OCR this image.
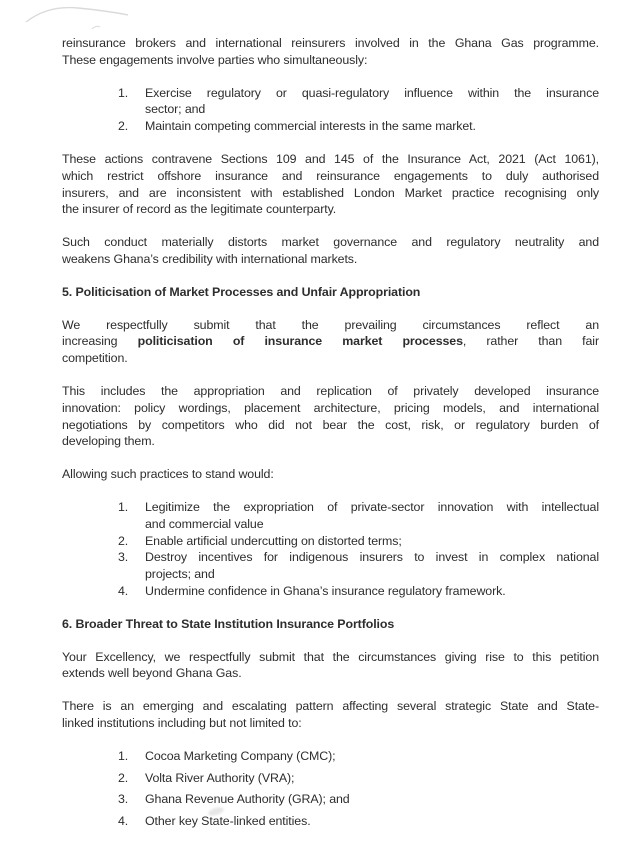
reinsurance brokers and international reinsurers involved in the Ghana Gas programme.
These engagements involve parties who simultaneously:
1.	Exercise regulatory or quasi-regulatory influence within the insurance
sector; and
2.	Maintain competing commercial interests in the same market.
These actions contravene Sections 109 and 145 of the Insurance Act, 2021 (Act 1061),
which restrict offshore insurance and reinsurance engagements to duly authorised
insurers, and are inconsistent with established London Market practice recognising only
the insurer of record as the legitimate counterparty.
Such conduct materially distorts market governance and regulatory neutrality and
weakens Ghana’s credibility with international markets.
5. Politicisation of Market Processes and Unfair Appropriation
We respectfully submit that the prevailing circumstances reflect an
increasing politicisation of insurance market processes, rather than fair
competition.
This includes the appropriation and replication of privately developed insurance
innovation: policy wordings, placement architecture, pricing models, and international
negotiations by competitors who did not bear the cost, risk, or regulatory burden of
developing them.
Allowing such practices to stand would:
1.	Legitimize the expropriation of private-sector innovation with intellectual
and commercial value
2.	Enable artificial undercutting on distorted terms;
3.	Destroy incentives for indigenous insurers to invest in complex national
projects; and
4.	Undermine confidence in Ghana’s insurance regulatory framework.
6. Broader Threat to State Institution Insurance Portfolios
Your Excellency, we respectfully submit that the circumstances giving rise to this petition
extends well beyond Ghana Gas.
There is an emerging and escalating pattern affecting several strategic State and State-
linked institutions including but not limited to:
1.	Cocoa Marketing Company (CMC);
2.	Volta River Authority (VRA);
3.	Ghana Revenue Authority (GRA); and
4.	Other key State-linked entities.
